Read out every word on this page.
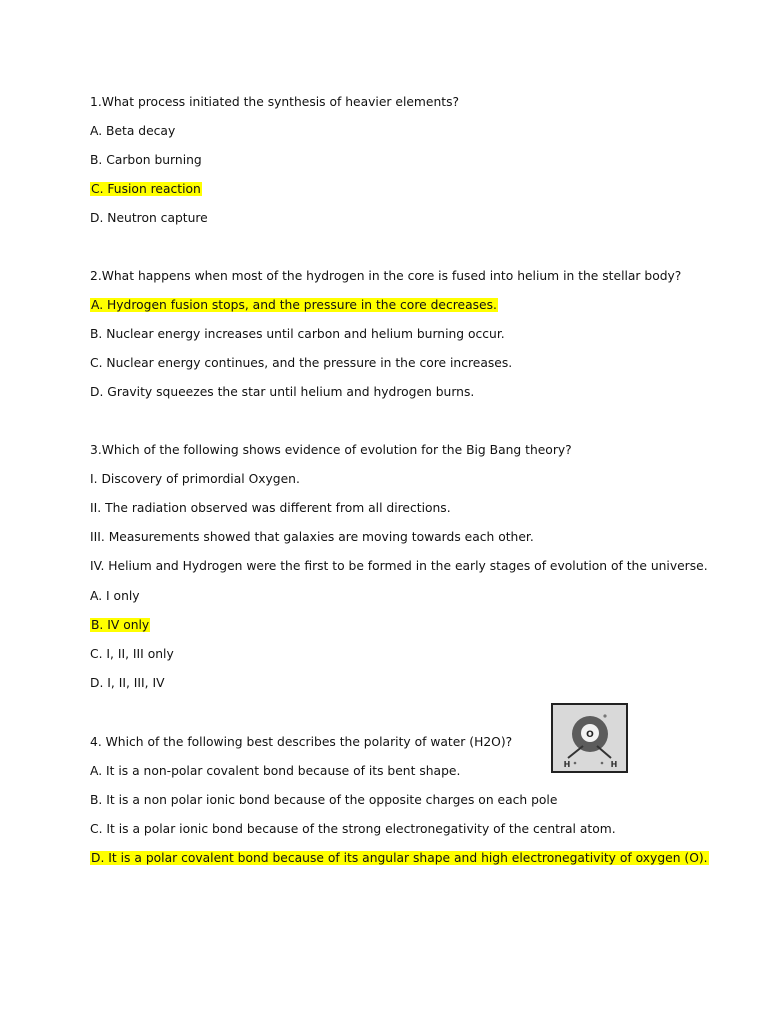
1.What process initiated the synthesis of heavier elements?
A. Beta decay
B. Carbon burning
C. Fusion reaction
D. Neutron capture
2.What happens when most of the hydrogen in the core is fused into helium in the stellar body?
A. Hydrogen fusion stops, and the pressure in the core decreases.
B. Nuclear energy increases until carbon and helium burning occur.
C. Nuclear energy continues, and the pressure in the core increases.
D. Gravity squeezes the star until helium and hydrogen burns.
3.Which of the following shows evidence of evolution for the Big Bang theory?
I. Discovery of primordial Oxygen.
II. The radiation observed was different from all directions.
III. Measurements showed that galaxies are moving towards each other.
IV. Helium and Hydrogen were the first to be formed in the early stages of evolution of the universe.
A. I only
B. IV only
C. I, II, III only
D. I, II, III, IV
4. Which of the following best describes the polarity of water (H2O)?
A. It is a non-polar covalent bond because of its bent shape.
B. It is a non polar ionic bond because of the opposite charges on each pole
C. It is a polar ionic bond because of the strong electronegativity of the central atom.
D. It is a polar covalent bond because of its angular shape and high electronegativity of oxygen (O).
O
H	H
